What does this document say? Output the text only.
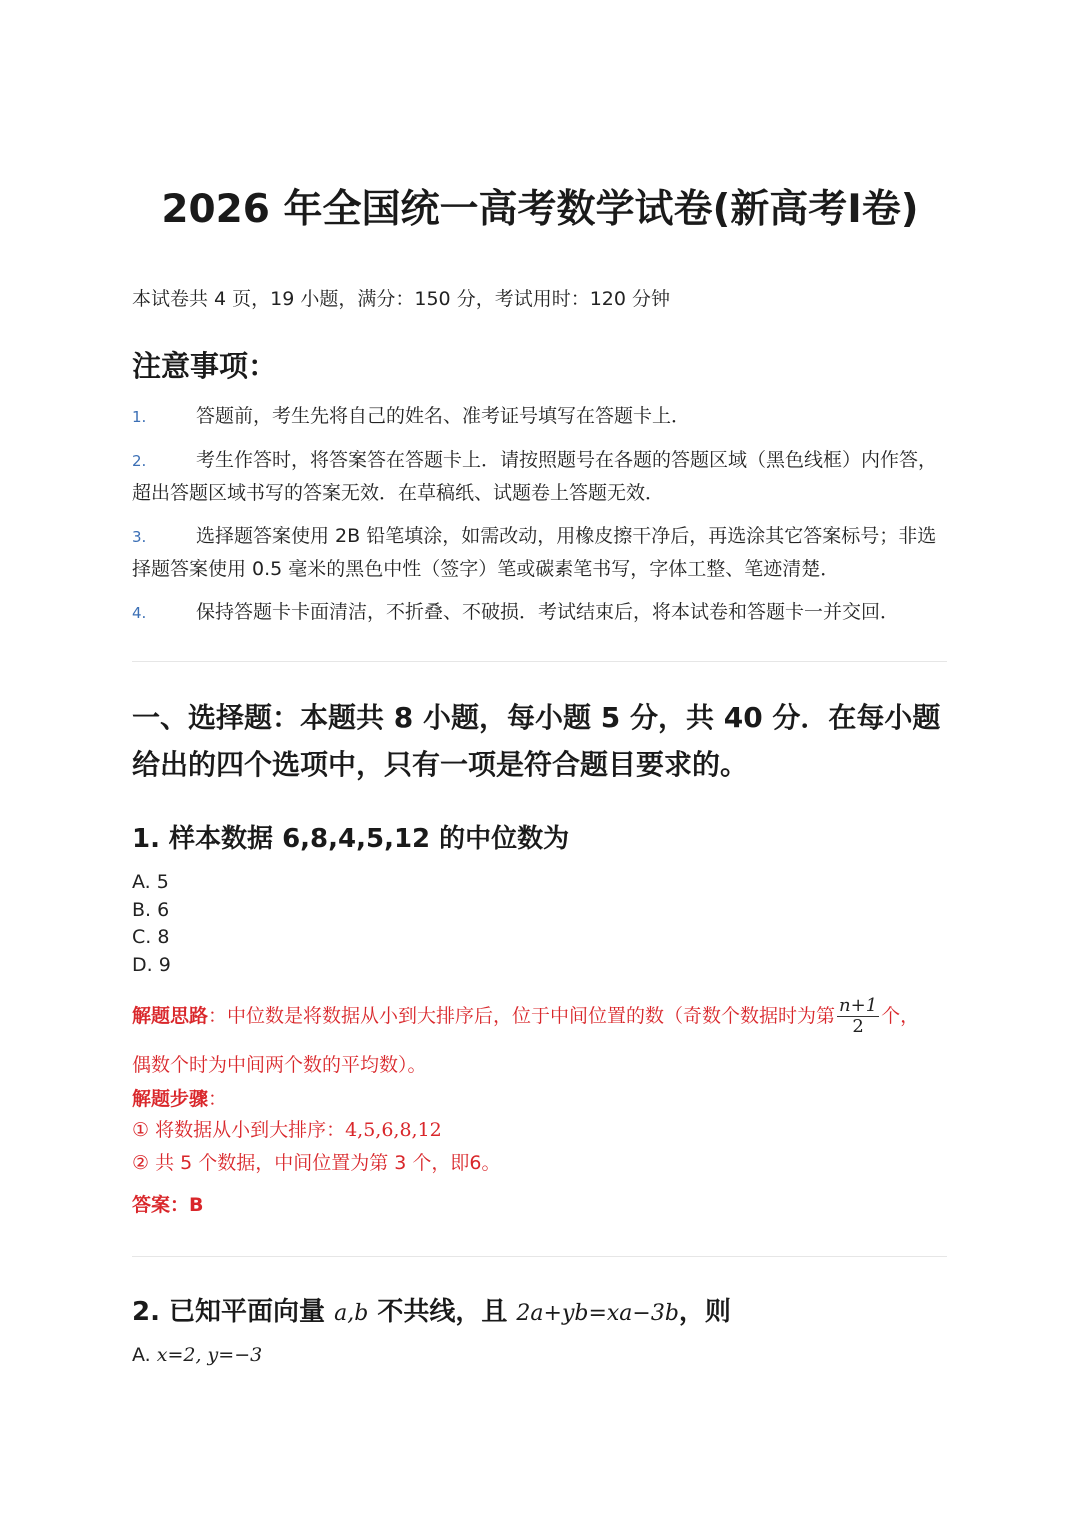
2026 年全国统一高考数学试卷(新高考Ⅰ卷)

本试卷共 4 页，19 小题，满分：150 分，考试用时：120 分钟

注意事项：
1.	答题前，考生先将自己的姓名、准考证号填写在答题卡上．
2.	考生作答时，将答案答在答题卡上．请按照题号在各题的答题区域（黑色线框）内作答，超出答题区域书写的答案无效．在草稿纸、试题卷上答题无效．
3.	选择题答案使用 2B 铅笔填涂，如需改动，用橡皮擦干净后，再选涂其它答案标号；非选择题答案使用 0.5 毫米的黑色中性（签字）笔或碳素笔书写，字体工整、笔迹清楚．
4.	保持答题卡卡面清洁，不折叠、不破损．考试结束后，将本试卷和答题卡一并交回．
一、选择题：本题共 8 小题，每小题 5 分，共 40 分．在每小题给出的四个选项中，只有一项是符合题目要求的。
1. 样本数据 6,8,4,5,12 的中位数为
A. 5
B. 6
C. 8
D. 9
解题思路：中位数是将数据从小到大排序后，位于中间位置的数（奇数个数据时为第 $\frac{n+1}{2}$ 个，

偶数个时为中间两个数的平均数）。

解题步骤：

① 将数据从小到大排序：4,5,6,8,12

② 共 5 个数据，中间位置为第 3 个，即6。

答案：B

2. 已知平面向量 a,b 不共线，且 2a+yb=xa−3b，则

A. x=2, y=−3
